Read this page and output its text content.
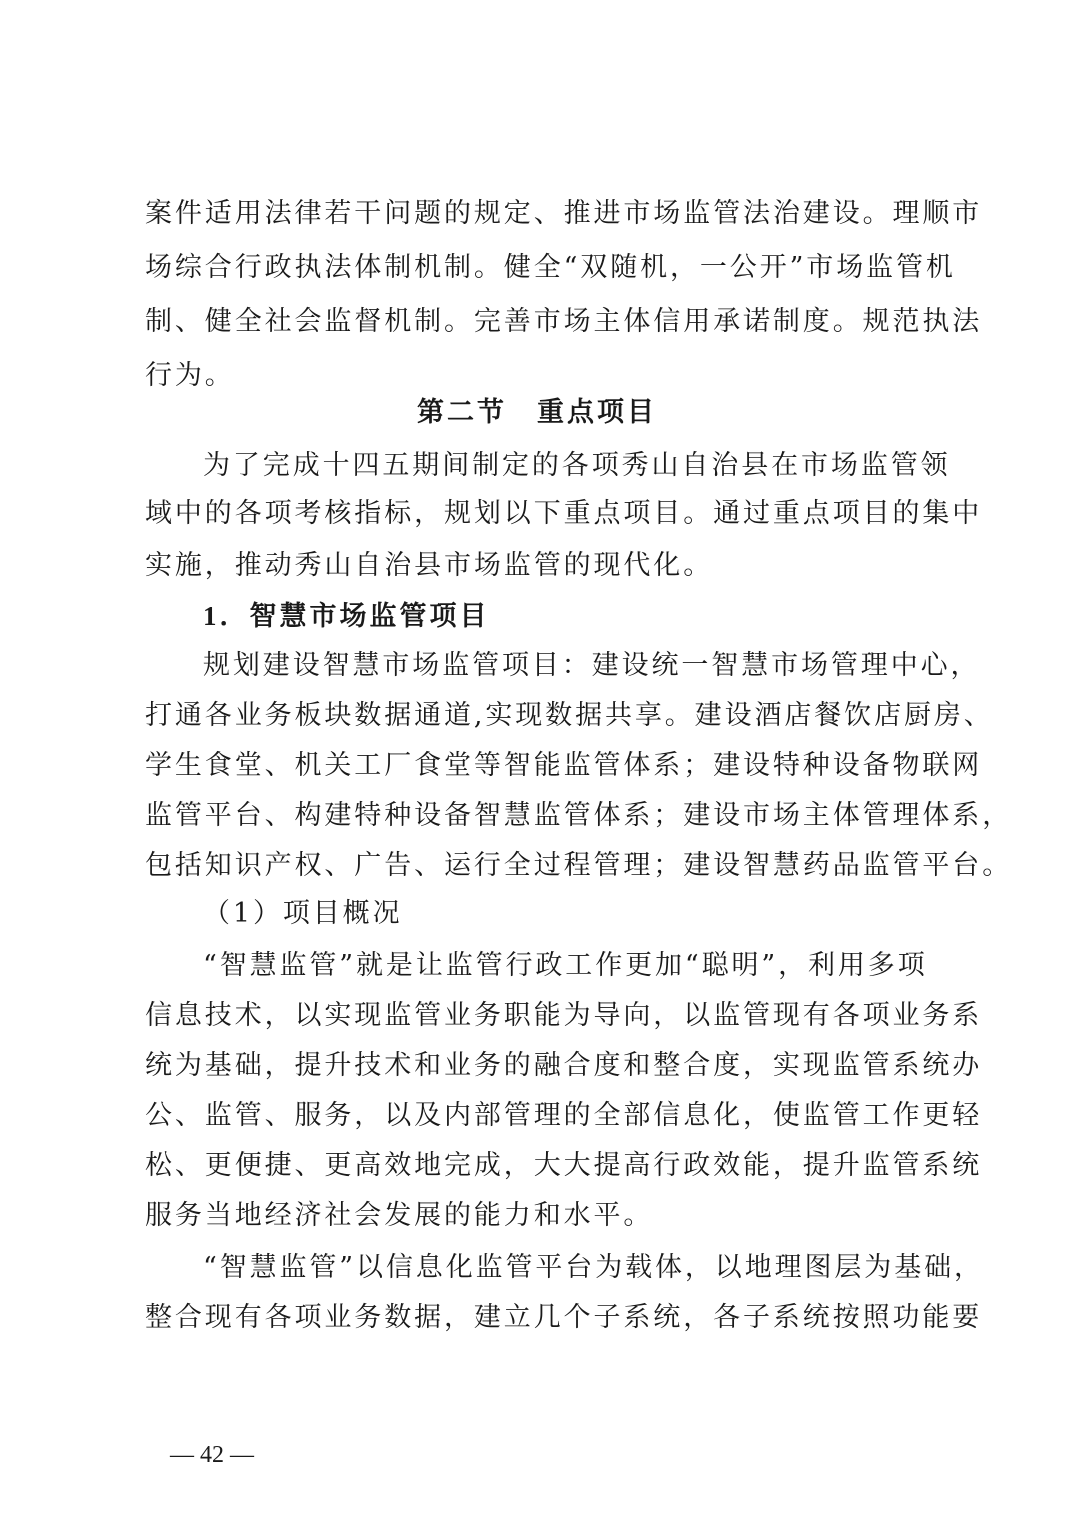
案件适用法律若干问题的规定、推进市场监管法治建设。理顺市
场综合行政执法体制机制。健全“双随机，一公开”市场监管机
制、健全社会监督机制。完善市场主体信用承诺制度。规范执法
行为。
第二节　重点项目
为了完成十四五期间制定的各项秀山自治县在市场监管领
域中的各项考核指标，规划以下重点项目。通过重点项目的集中
实施，推动秀山自治县市场监管的现代化。
1．智慧市场监管项目
规划建设智慧市场监管项目：建设统一智慧市场管理中心，
打通各业务板块数据通道,实现数据共享。建设酒店餐饮店厨房、
学生食堂、机关工厂食堂等智能监管体系；建设特种设备物联网
监管平台、构建特种设备智慧监管体系；建设市场主体管理体系，
包括知识产权、广告、运行全过程管理；建设智慧药品监管平台。
（1）项目概况
“智慧监管”就是让监管行政工作更加“聪明”，利用多项
信息技术，以实现监管业务职能为导向，以监管现有各项业务系
统为基础，提升技术和业务的融合度和整合度，实现监管系统办
公、监管、服务，以及内部管理的全部信息化，使监管工作更轻
松、更便捷、更高效地完成，大大提高行政效能，提升监管系统
服务当地经济社会发展的能力和水平。
“智慧监管”以信息化监管平台为载体，以地理图层为基础，
整合现有各项业务数据，建立几个子系统，各子系统按照功能要
— 42 —
